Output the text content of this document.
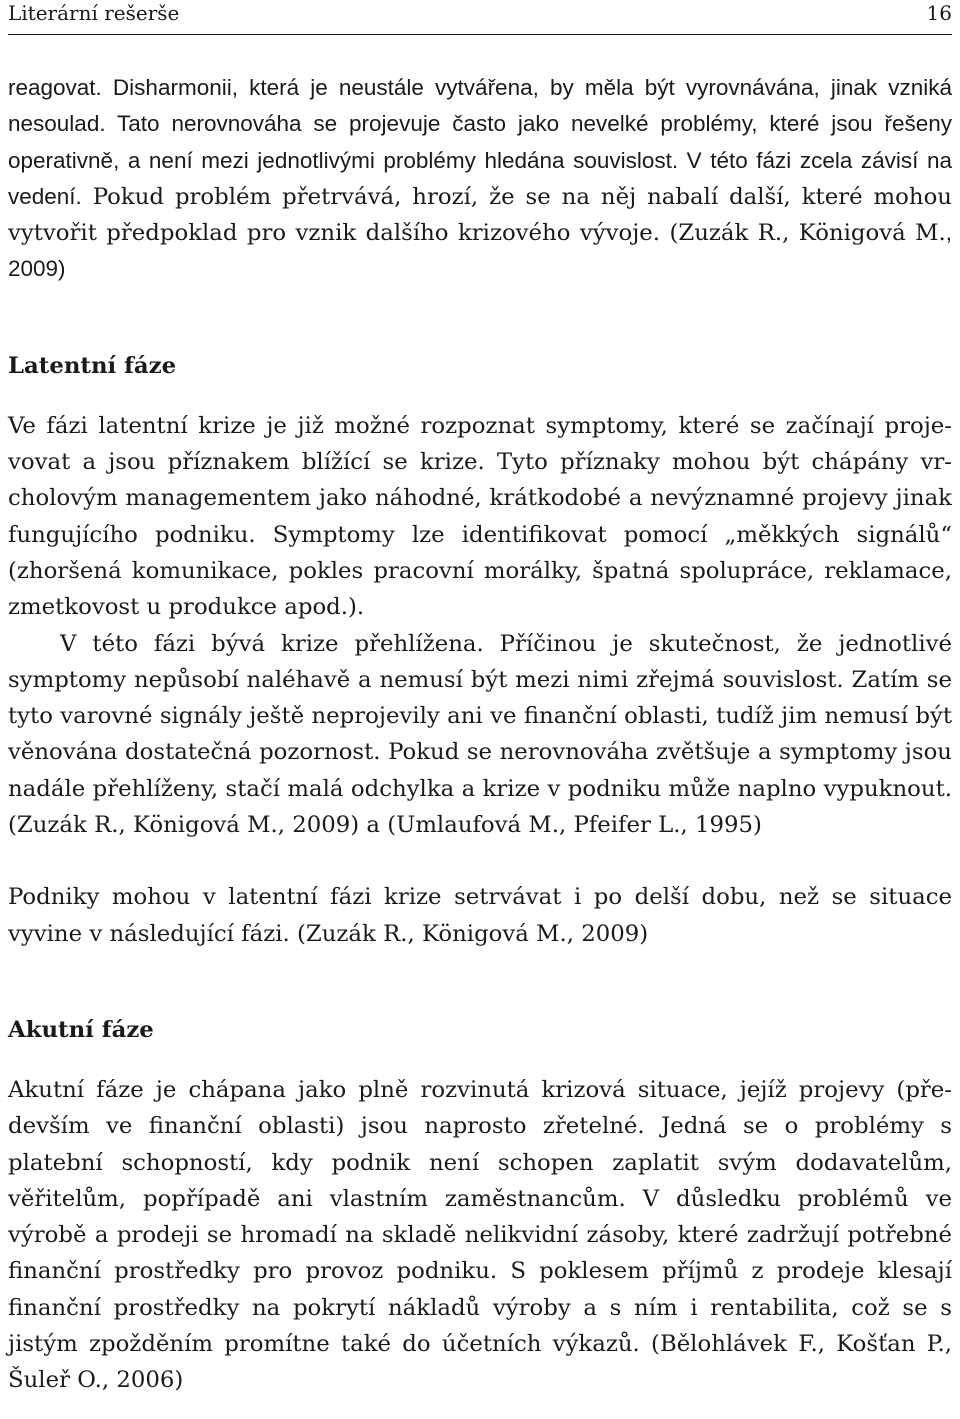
Literární rešerše	16

reagovat. Disharmonii, která je neustále vytvářena, by měla být vyrovnávána, jinak vzniká nesoulad. Tato nerovnováha se projevuje často jako nevelké problémy, které jsou řešeny operativně, a není mezi jednotlivými problémy hledána souvislost. V této fázi zcela závisí na vedení. Pokud problém přetrvává, hrozí, že se na něj nabalí další, které mohou vytvořit předpoklad pro vznik dalšího krizového vývoje. (Zuzák R., Königová M., 2009)

Latentní fáze

Ve fázi latentní krize je již možné rozpoznat symptomy, které se začínají projevovat a jsou příznakem blížící se krize. Tyto příznaky mohou být chápány vrcholovým managementem jako náhodné, krátkodobé a nevýznamné projevy jinak fungujícího podniku. Symptomy lze identifikovat pomocí „měkkých signálů“ (zhoršená komunikace, pokles pracovní morálky, špatná spolupráce, reklamace, zmetkovost u produkce apod.).

V této fázi bývá krize přehlížena. Příčinou je skutečnost, že jednotlivé symptomy nepůsobí naléhavě a nemusí být mezi nimi zřejmá souvislost. Zatím se tyto varovné signály ještě neprojevily ani ve finanční oblasti, tudíž jim nemusí být věnována dostatečná pozornost. Pokud se nerovnováha zvětšuje a symptomy jsou nadále přehlíženy, stačí malá odchylka a krize v podniku může naplno vypuknout. (Zuzák R., Königová M., 2009) a (Umlaufová M., Pfeifer L., 1995)

Podniky mohou v latentní fázi krize setrvávat i po delší dobu, než se situace vyvine v následující fázi. (Zuzák R., Königová M., 2009)

Akutní fáze

Akutní fáze je chápana jako plně rozvinutá krizová situace, jejíž projevy (především ve finanční oblasti) jsou naprosto zřetelné. Jedná se o problémy s platební schopností, kdy podnik není schopen zaplatit svým dodavatelům, věřitelům, popřípadě ani vlastním zaměstnancům. V důsledku problémů ve výrobě a prodeji se hromadí na skladě nelikvidní zásoby, které zadržují potřebné finanční prostředky pro provoz podniku. S poklesem příjmů z prodeje klesají finanční prostředky na pokrytí nákladů výroby a s ním i rentabilita, což se s jistým zpožděním promítne také do účetních výkazů. (Bělohlávek F., Košťan P., Šuleř O., 2006)
